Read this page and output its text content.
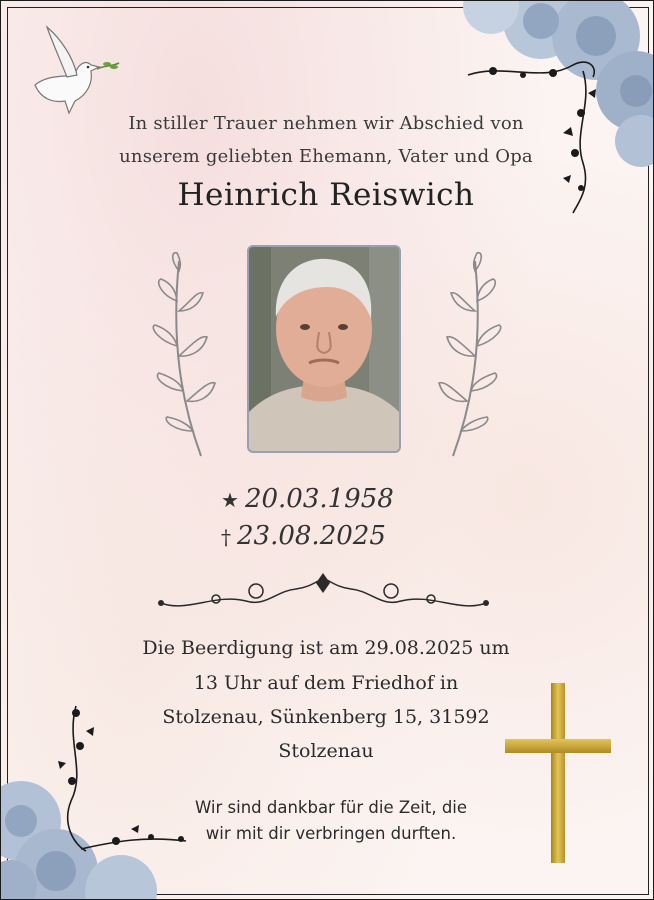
In stiller Trauer nehmen wir Abschied von
unserem geliebten Ehemann, Vater und Opa
Heinrich Reiswich
★ 20.03.1958
† 23.08.2025
Die Beerdigung ist am 29.08.2025 um
13 Uhr auf dem Friedhof in
Stolzenau, Sünkenberg 15, 31592
Stolzenau
Wir sind dankbar für die Zeit, die
wir mit dir verbringen durften.
